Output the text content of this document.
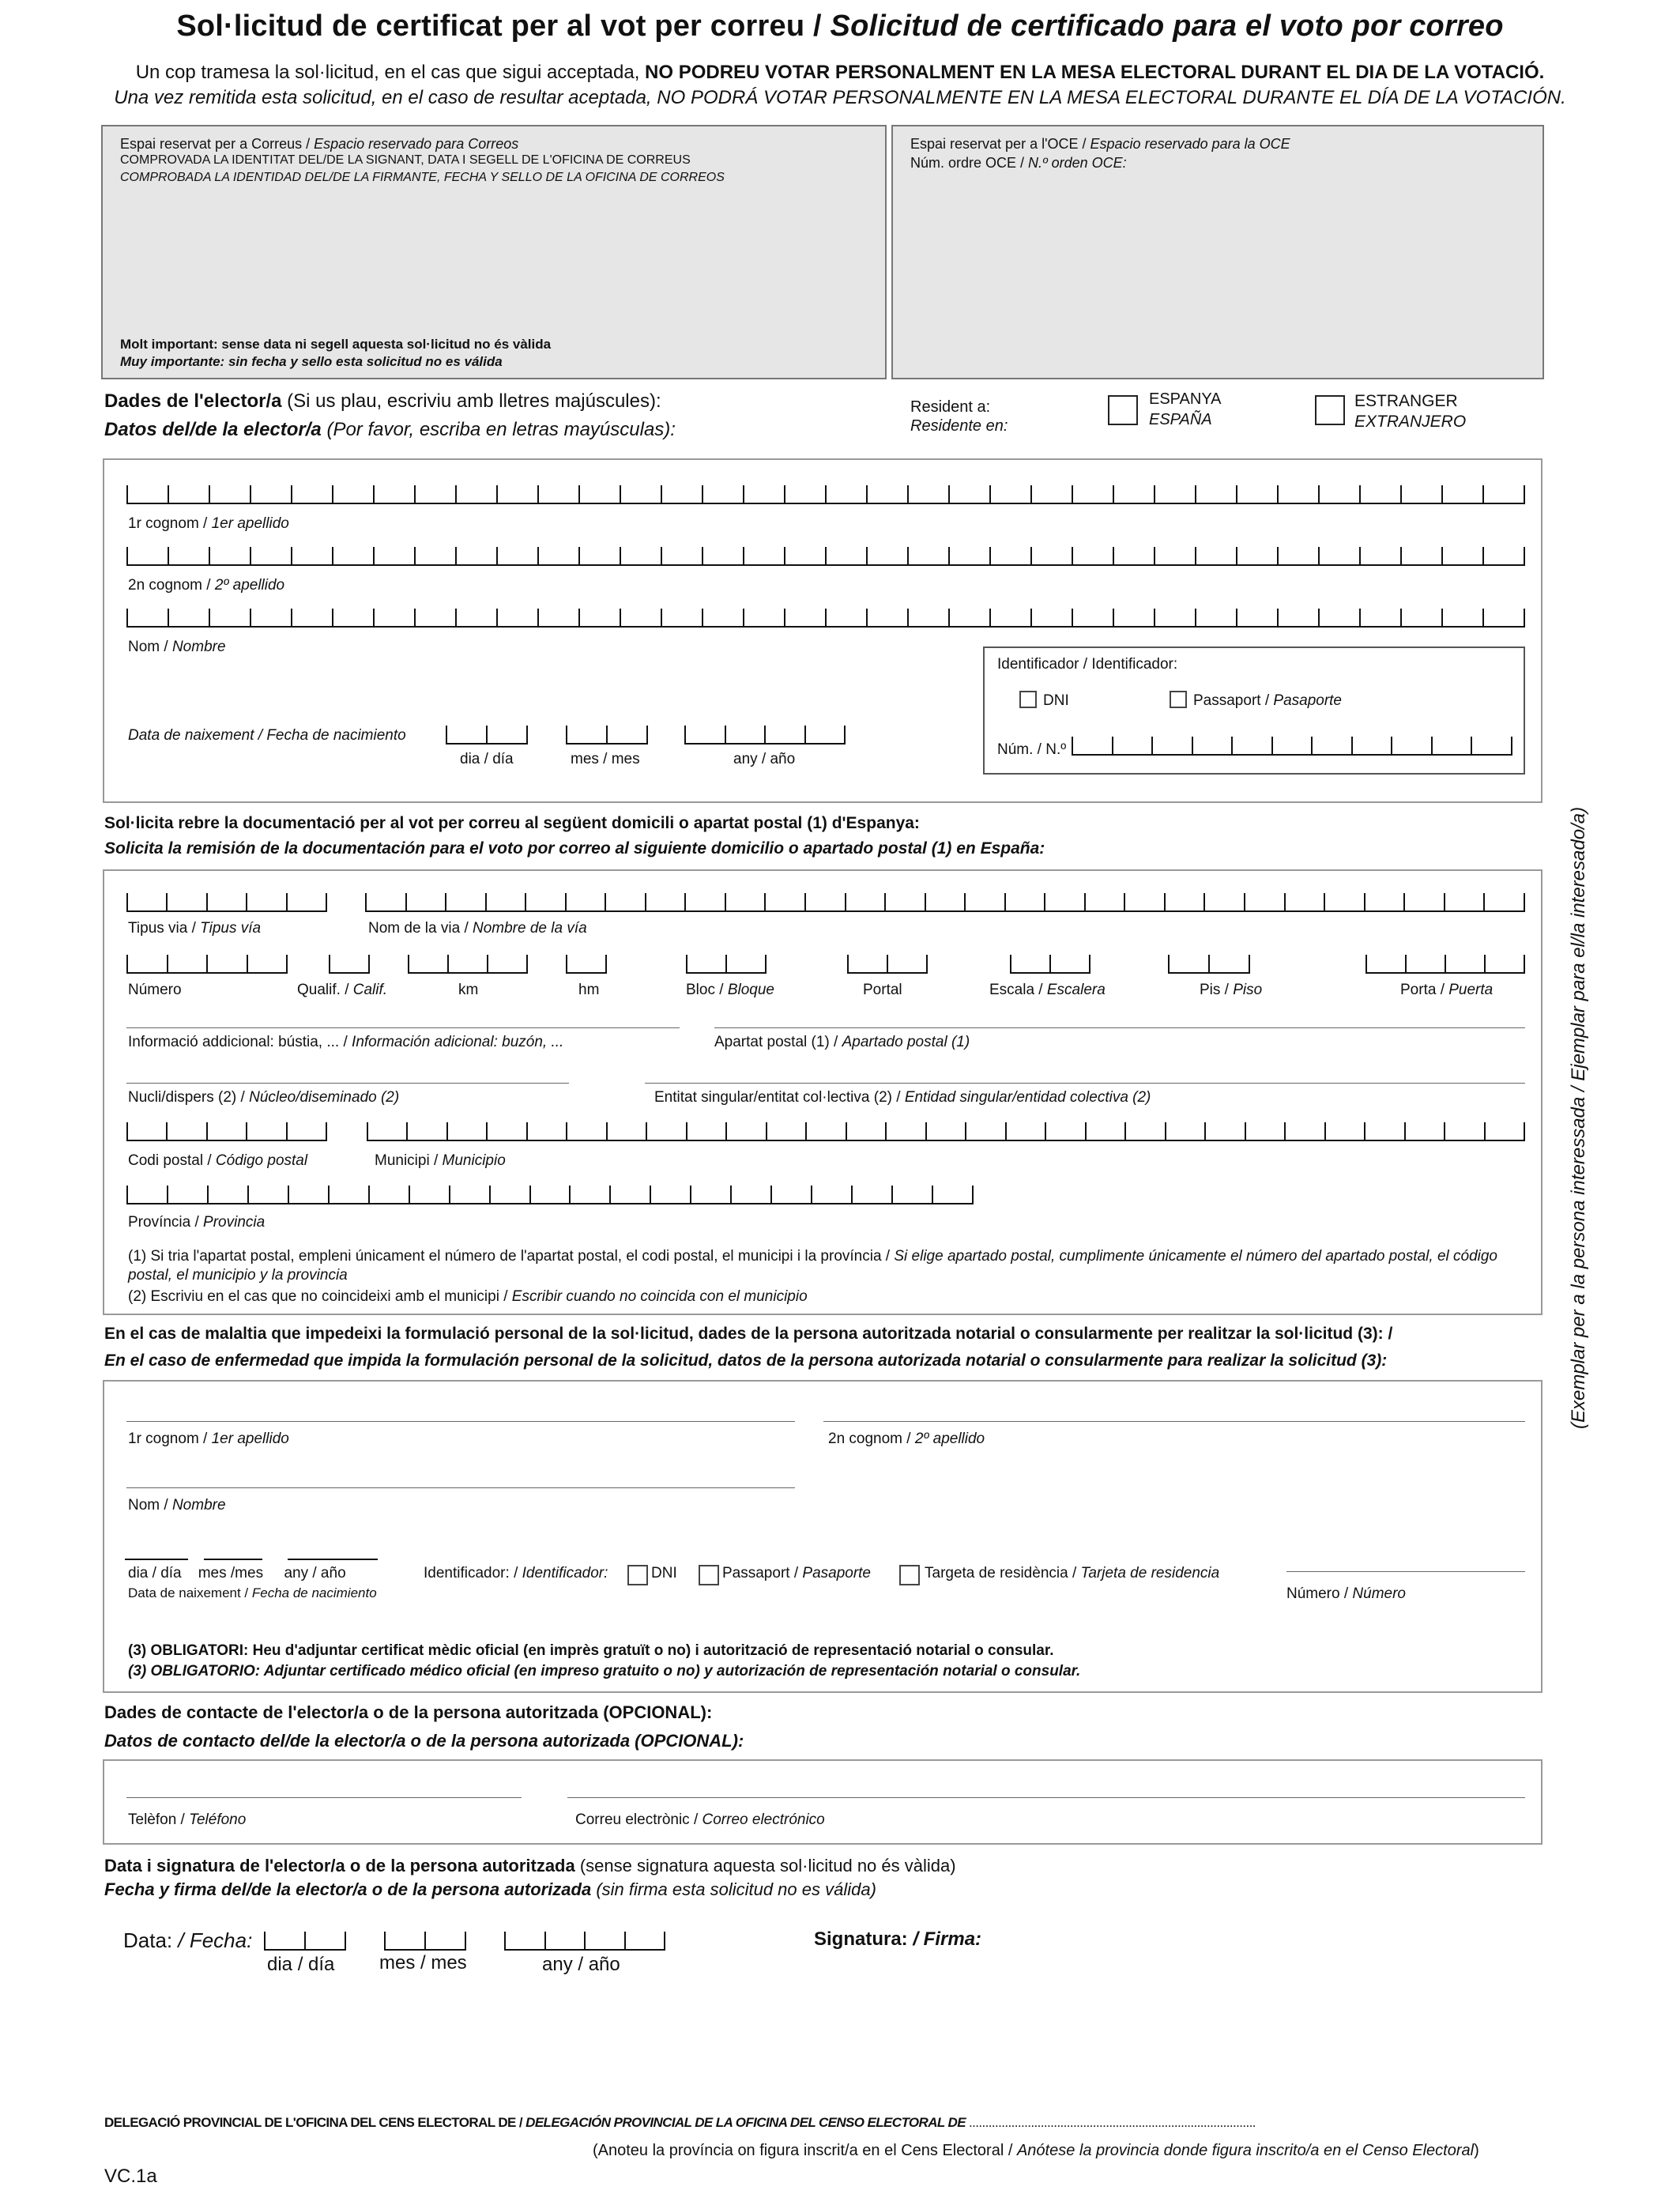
Sol·licitud de certificat per al vot per correu / Solicitud de certificado para el voto por correo
Un cop tramesa la sol·licitud, en el cas que sigui acceptada, NO PODREU VOTAR PERSONALMENT EN LA MESA ELECTORAL DURANT EL DIA DE LA VOTACIÓ.
Una vez remitida esta solicitud, en el caso de resultar aceptada, NO PODRÁ VOTAR PERSONALMENTE EN LA MESA ELECTORAL DURANTE EL DÍA DE LA VOTACIÓN.
Espai reservat per a Correus / Espacio reservado para Correos
COMPROVADA LA IDENTITAT DEL/DE LA SIGNANT, DATA I SEGELL DE L'OFICINA DE CORREUS
COMPROBADA LA IDENTIDAD DEL/DE LA FIRMANTE, FECHA Y SELLO DE LA OFICINA DE CORREOS
Molt important: sense data ni segell aquesta sol·licitud no és vàlida
Muy importante: sin fecha y sello esta solicitud no es válida
Espai reservat per a l'OCE / Espacio reservado para la OCE
Núm. ordre OCE / N.º orden OCE:
Dades de l'elector/a (Si us plau, escriviu amb lletres majúscules):
Datos del/de la elector/a (Por favor, escriba en letras mayúsculas):
Resident a:
Residente en:
ESPANYA
ESPAÑA
ESTRANGER
EXTRANJERO
1r cognom / 1er apellido
2n cognom / 2º apellido
Nom / Nombre
Data de naixement / Fecha de nacimiento
dia / día	mes / mes	any / año
Identificador / Identificador:
DNI	Passaport / Pasaporte
Núm. / N.º
Sol·licita rebre la documentació per al vot per correu al següent domicili o apartat postal (1) d'Espanya:
Solicita la remisión de la documentación para el voto por correo al siguiente domicilio o apartado postal (1) en España:
Tipus via / Tipus vía	Nom de la via / Nombre de la vía
Número	Qualif. / Calif.	km	hm	Bloc / Bloque	Portal	Escala / Escalera	Pis / Piso	Porta / Puerta
Informació addicional: bústia, ... / Información adicional: buzón, ...	Apartat postal (1) / Apartado postal (1)
Nucli/dispers (2) / Núcleo/diseminado (2)	Entitat singular/entitat col·lectiva (2) / Entidad singular/entidad colectiva (2)
Codi postal / Código postal	Municipi / Municipio
Província / Provincia
(1) Si tria l'apartat postal, empleni únicament el número de l'apartat postal, el codi postal, el municipi i la província / Si elige apartado postal, cumplimente únicamente el número del apartado postal, el código postal, el municipio y la provincia
(2) Escriviu en el cas que no coincideixi amb el municipi / Escribir cuando no coincida con el municipio
En el cas de malaltia que impedeixi la formulació personal de la sol·licitud, dades de la persona autoritzada notarial o consularmente per realitzar la sol·licitud (3): /
En el caso de enfermedad que impida la formulación personal de la solicitud, datos de la persona autorizada notarial o consularmente para realizar la solicitud (3):
1r cognom / 1er apellido	2n cognom / 2º apellido
Nom / Nombre
dia / día    mes /mes     any / año
Data de naixement / Fecha de nacimiento
Identificador: / Identificador:	DNI	Passaport / Pasaporte	Targeta de residència / Tarjeta de residencia
Número / Número
(3) OBLIGATORI: Heu d'adjuntar certificat mèdic oficial (en imprès gratuït o no) i autorització de representació notarial o consular.
(3) OBLIGATORIO: Adjuntar certificado médico oficial (en impreso gratuito o no) y autorización de representación notarial o consular.
Dades de contacte de l'elector/a o de la persona autoritzada (OPCIONAL):
Datos de contacto del/de la elector/a o de la persona autorizada (OPCIONAL):
Telèfon / Teléfono	Correu electrònic / Correo electrónico
Data i signatura de l'elector/a o de la persona autoritzada (sense signatura aquesta sol·licitud no és vàlida)
Fecha y firma del/de la elector/a o de la persona autorizada (sin firma esta solicitud no es válida)
Data: / Fecha:
dia / día mes / mes	any / año
Signatura: / Firma:
DELEGACIÓ PROVINCIAL DE L'OFICINA DEL CENS ELECTORAL DE / DELEGACIÓN PROVINCIAL DE LA OFICINA DEL CENSO ELECTORAL DE ........................................................................................
(Anoteu la província on figura inscrit/a en el Cens Electoral / Anótese la provincia donde figura inscrito/a en el Censo Electoral)
VC.1a
(Exemplar per a la persona interessada / Ejemplar para el/la interesado/a)
